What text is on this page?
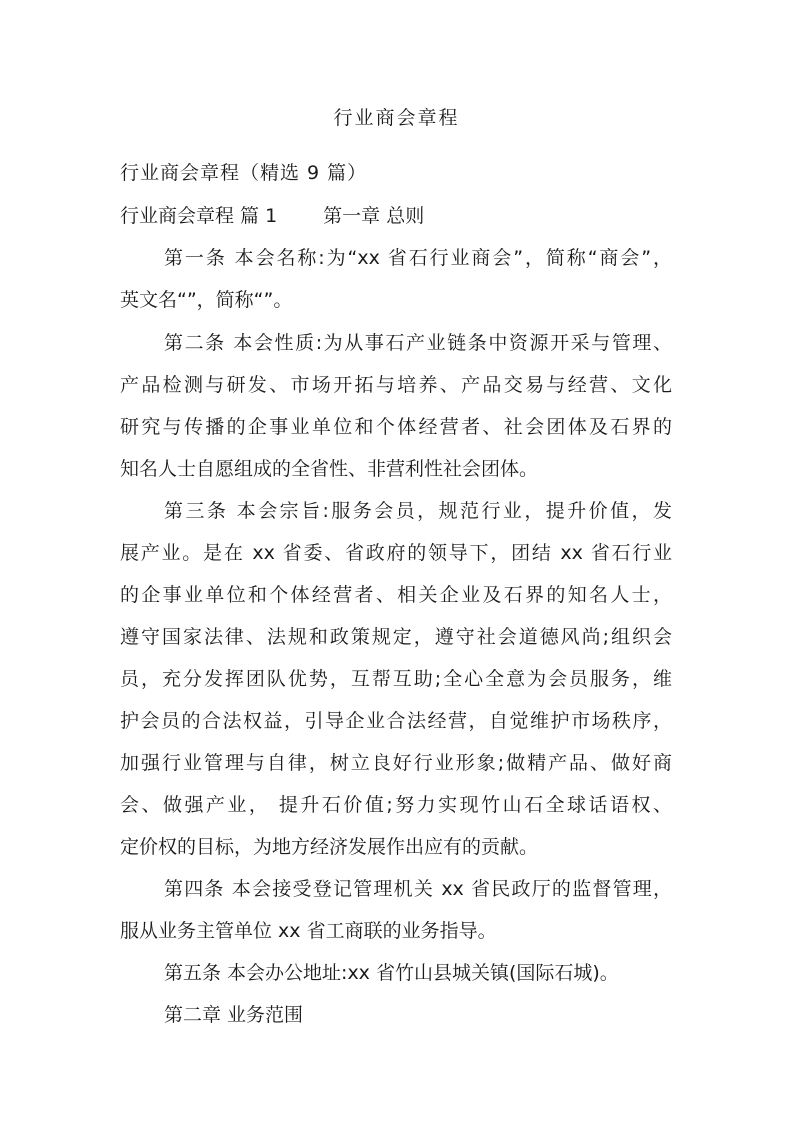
行业商会章程
行业商会章程（精选 9 篇）
行业商会章程 篇 1 第一章 总则
第一条 本会名称:为“xx 省石行业商会”，简称“商会”，
英文名“”，简称“”。
第二条 本会性质:为从事石产业链条中资源开采与管理、
产品检测与研发、市场开拓与培养、产品交易与经营、文化
研究与传播的企事业单位和个体经营者、社会团体及石界的
知名人士自愿组成的全省性、非营利性社会团体。
第三条 本会宗旨:服务会员，规范行业，提升价值，发
展产业。是在 xx 省委、省政府的领导下，团结 xx 省石行业
的企事业单位和个体经营者、相关企业及石界的知名人士，
遵守国家法律、法规和政策规定，遵守社会道德风尚;组织会
员，充分发挥团队优势，互帮互助;全心全意为会员服务，维
护会员的合法权益，引导企业合法经营，自觉维护市场秩序，
加强行业管理与自律，树立良好行业形象;做精产品、做好商
会、做强产业， 提升石价值;努力实现竹山石全球话语权、
定价权的目标，为地方经济发展作出应有的贡献。
第四条 本会接受登记管理机关 xx 省民政厅的监督管理，
服从业务主管单位 xx 省工商联的业务指导。
第五条 本会办公地址:xx 省竹山县城关镇(国际石城)。
第二章 业务范围
